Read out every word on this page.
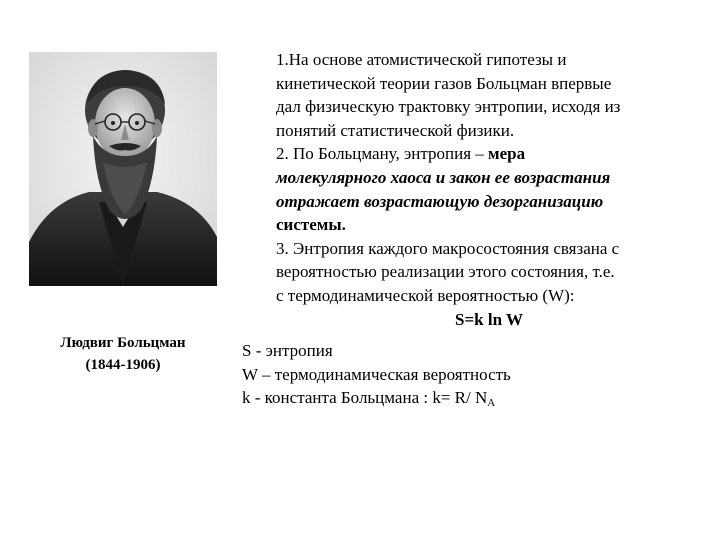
Людвиг Больцман
(1844-1906)
1.На основе атомистической гипотезы и
кинетической теории газов Больцман впервые
дал физическую трактовку энтропии, исходя из
понятий статистической физики.
2. По Больцману, энтропия – мера
молекулярного хаоса и закон ее возрастания
отражает возрастающую дезорганизацию
системы.
3. Энтропия каждого макросостояния связана с
вероятностью реализации этого состояния, т.е.
с термодинамической вероятностью (W):
S=k ln W
S - энтропия
W – термодинамическая вероятность
k - константа Больцмана : k= R/ $N_A$
